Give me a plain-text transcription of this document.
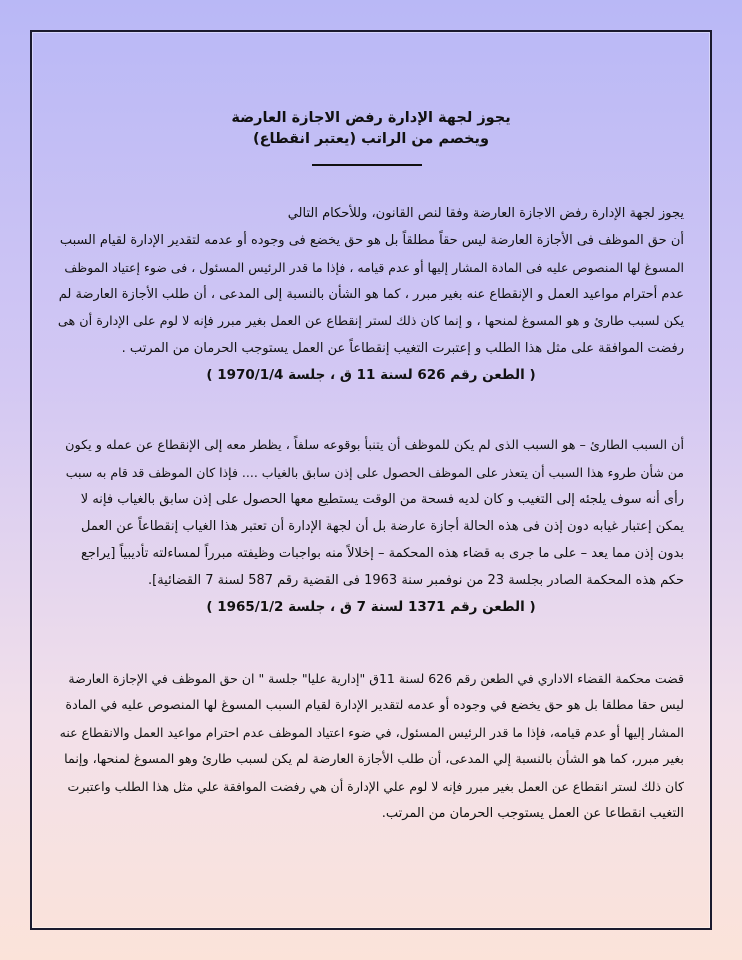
يجوز لجهة الإدارة رفض الاجازة العارضة
ويخصم من الراتب (يعتبر انقطاع)
يجوز لجهة الإدارة رفض الاجازة العارضة وفقا لنص القانون، وللأحكام التالي
أن حق الموظف فى الأجازة العارضة ليس حقاً مطلقاً بل هو حق يخضع فى وجوده أو عدمه لتقدير الإدارة لقيام السبب
المسوغ لها المنصوص عليه فى المادة المشار إليها أو عدم قيامه ، فإذا ما قدر الرئيس المسئول ، فى ضوء إعتياد الموظف
عدم أحترام مواعيد العمل و الإنقطاع عنه بغير مبرر ، كما هو الشأن بالنسبة إلى المدعى ، أن طلب الأجازة العارضة لم
يكن لسبب طارئ و هو المسوغ لمنحها ، و إنما كان ذلك لستر إنقطاع عن العمل بغير مبرر فإنه لا لوم على الإدارة أن هى
رفضت الموافقة على مثل هذا الطلب و إعتبرت التغيب إنقطاعاً عن العمل يستوجب الحرمان من المرتب .
( الطعن رقم 626 لسنة 11 ق ، جلسة 1970/1/4 )
أن السبب الطارئ – هو السبب الذى لم يكن للموظف أن يتنبأ بوقوعه سلفاً ، يظطر معه إلى الإنقطاع عن عمله و يكون
من شأن طروء هذا السبب أن يتعذر على الموظف الحصول على إذن سابق بالغياب .... فإذا كان الموظف قد قام به سبب
رأى أنه سوف يلجئه إلى التغيب و كان لديه فسحة من الوقت يستطيع معها الحصول على إذن سابق بالغياب فإنه لا
يمكن إعتبار غيابه دون إذن فى هذه الحالة أجازة عارضة بل أن لجهة الإدارة أن تعتبر هذا الغياب إنقطاعاً عن العمل
بدون إذن مما يعد – على ما جرى به قضاء هذه المحكمة – إخلالاً منه بواجبات وظيفته مبرراً لمساءلته تأديبياً [يراجع
حكم هذه المحكمة الصادر بجلسة 23 من نوفمبر سنة 1963 فى القضية رقم 587 لسنة 7 القضائية].
( الطعن رقم 1371 لسنة 7 ق ، جلسة 1965/1/2 )
قضت محكمة القضاء الاداري في الطعن رقم 626 لسنة 11ق "إدارية عليا" جلسة " ان حق الموظف في الإجازة العارضة
ليس حقا مطلقا بل هو حق يخضع في وجوده أو عدمه لتقدير الإدارة لقيام السبب المسوغ لها المنصوص عليه في المادة
المشار إليها أو عدم قيامه، فإذا ما قدر الرئيس المسئول، في ضوء اعتياد الموظف عدم احترام مواعيد العمل والانقطاع عنه
بغير مبرر، كما هو الشأن بالنسبة إلي المدعى، أن طلب الأجازة العارضة لم يكن لسبب طارئ وهو المسوغ لمنحها، وإنما
كان ذلك لستر انقطاع عن العمل بغير مبرر فإنه لا لوم علي الإدارة أن هي رفضت الموافقة علي مثل هذا الطلب واعتبرت
التغيب انقطاعا عن العمل يستوجب الحرمان من المرتب.
